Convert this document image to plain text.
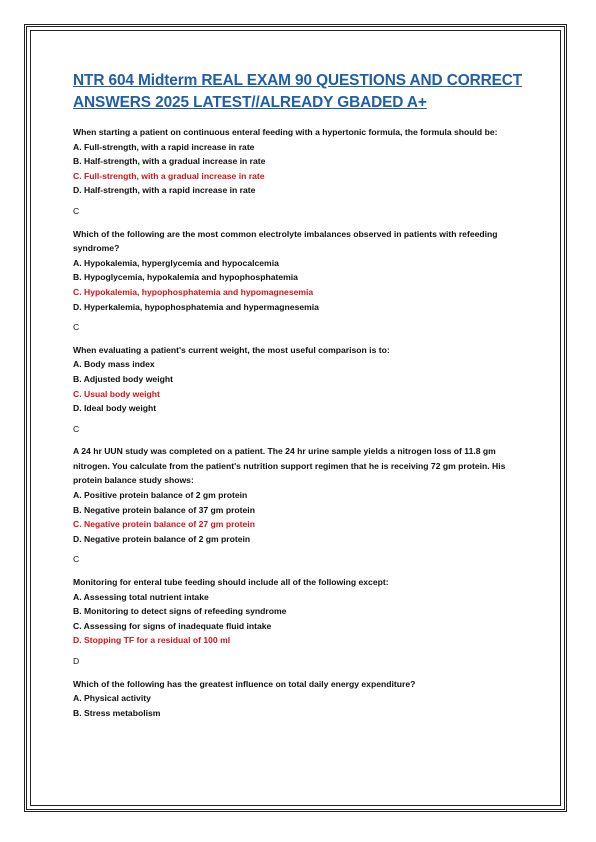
NTR 604 Midterm REAL EXAM 90 QUESTIONS AND CORRECT ANSWERS 2025 LATEST//ALREADY GBADED A+

When starting a patient on continuous enteral feeding with a hypertonic formula, the formula should be:

A. Full-strength, with a rapid increase in rate

B. Half-strength, with a gradual increase in rate

C. Full-strength, with a gradual increase in rate

D. Half-strength, with a rapid increase in rate

C

Which of the following are the most common electrolyte imbalances observed in patients with refeeding syndrome?

A. Hypokalemia, hyperglycemia and hypocalcemia

B. Hypoglycemia, hypokalemia and hypophosphatemia

C. Hypokalemia, hypophosphatemia and hypomagnesemia

D. Hyperkalemia, hypophosphatemia and hypermagnesemia

C

When evaluating a patient's current weight, the most useful comparison is to:

A. Body mass index

B. Adjusted body weight

C. Usual body weight

D. Ideal body weight

C

A 24 hr UUN study was completed on a patient. The 24 hr urine sample yields a nitrogen loss of 11.8 gm nitrogen. You calculate from the patient's nutrition support regimen that he is receiving 72 gm protein. His protein balance study shows:

A. Positive protein balance of 2 gm protein

B. Negative protein balance of 37 gm protein

C. Negative protein balance of 27 gm protein

D. Negative protein balance of 2 gm protein

C

Monitoring for enteral tube feeding should include all of the following except:

A. Assessing total nutrient intake

B. Monitoring to detect signs of refeeding syndrome

C. Assessing for signs of inadequate fluid intake

D. Stopping TF for a residual of 100 ml

D

Which of the following has the greatest influence on total daily energy expenditure?

A. Physical activity

B. Stress metabolism
